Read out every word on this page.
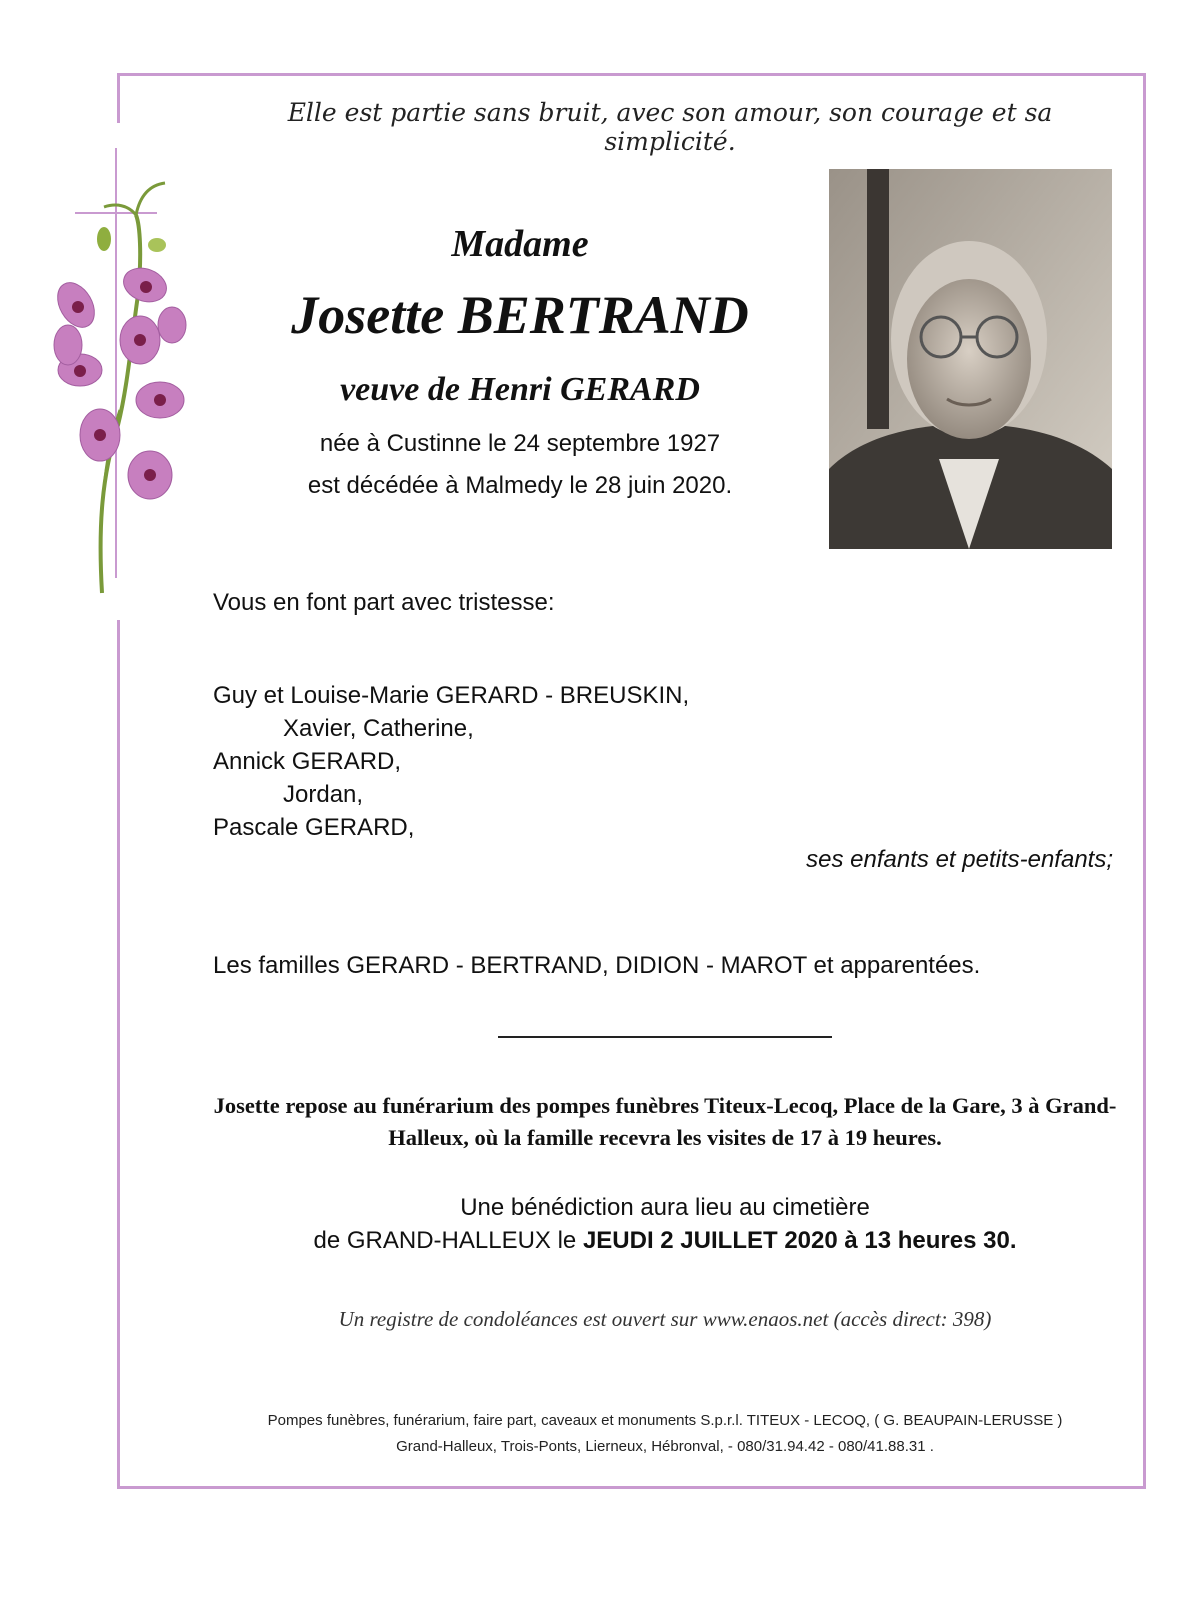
Elle est partie sans bruit, avec son amour, son courage et sa simplicité.
Madame
Josette BERTRAND
veuve de Henri GERARD
née à Custinne le 24 septembre 1927
est décédée à Malmedy le 28 juin 2020.
Vous en font part avec tristesse:
Guy et Louise-Marie GERARD - BREUSKIN,
Xavier, Catherine,
Annick GERARD,
Jordan,
Pascale GERARD,
ses enfants et petits-enfants;
Les familles GERARD - BERTRAND, DIDION - MAROT et apparentées.
Josette repose au funérarium des pompes funèbres Titeux-Lecoq, Place de la Gare, 3 à Grand-Halleux, où la famille recevra les visites de 17 à 19 heures.
Une bénédiction aura lieu au cimetière
de GRAND-HALLEUX le JEUDI 2 JUILLET 2020 à 13 heures 30.
Un registre de condoléances est ouvert sur www.enaos.net (accès direct: 398)
Pompes funèbres, funérarium, faire part, caveaux et monuments S.p.r.l. TITEUX - LECOQ, ( G. BEAUPAIN-LERUSSE )
Grand-Halleux, Trois-Ponts, Lierneux, Hébronval, - 080/31.94.42 - 080/41.88.31 .
